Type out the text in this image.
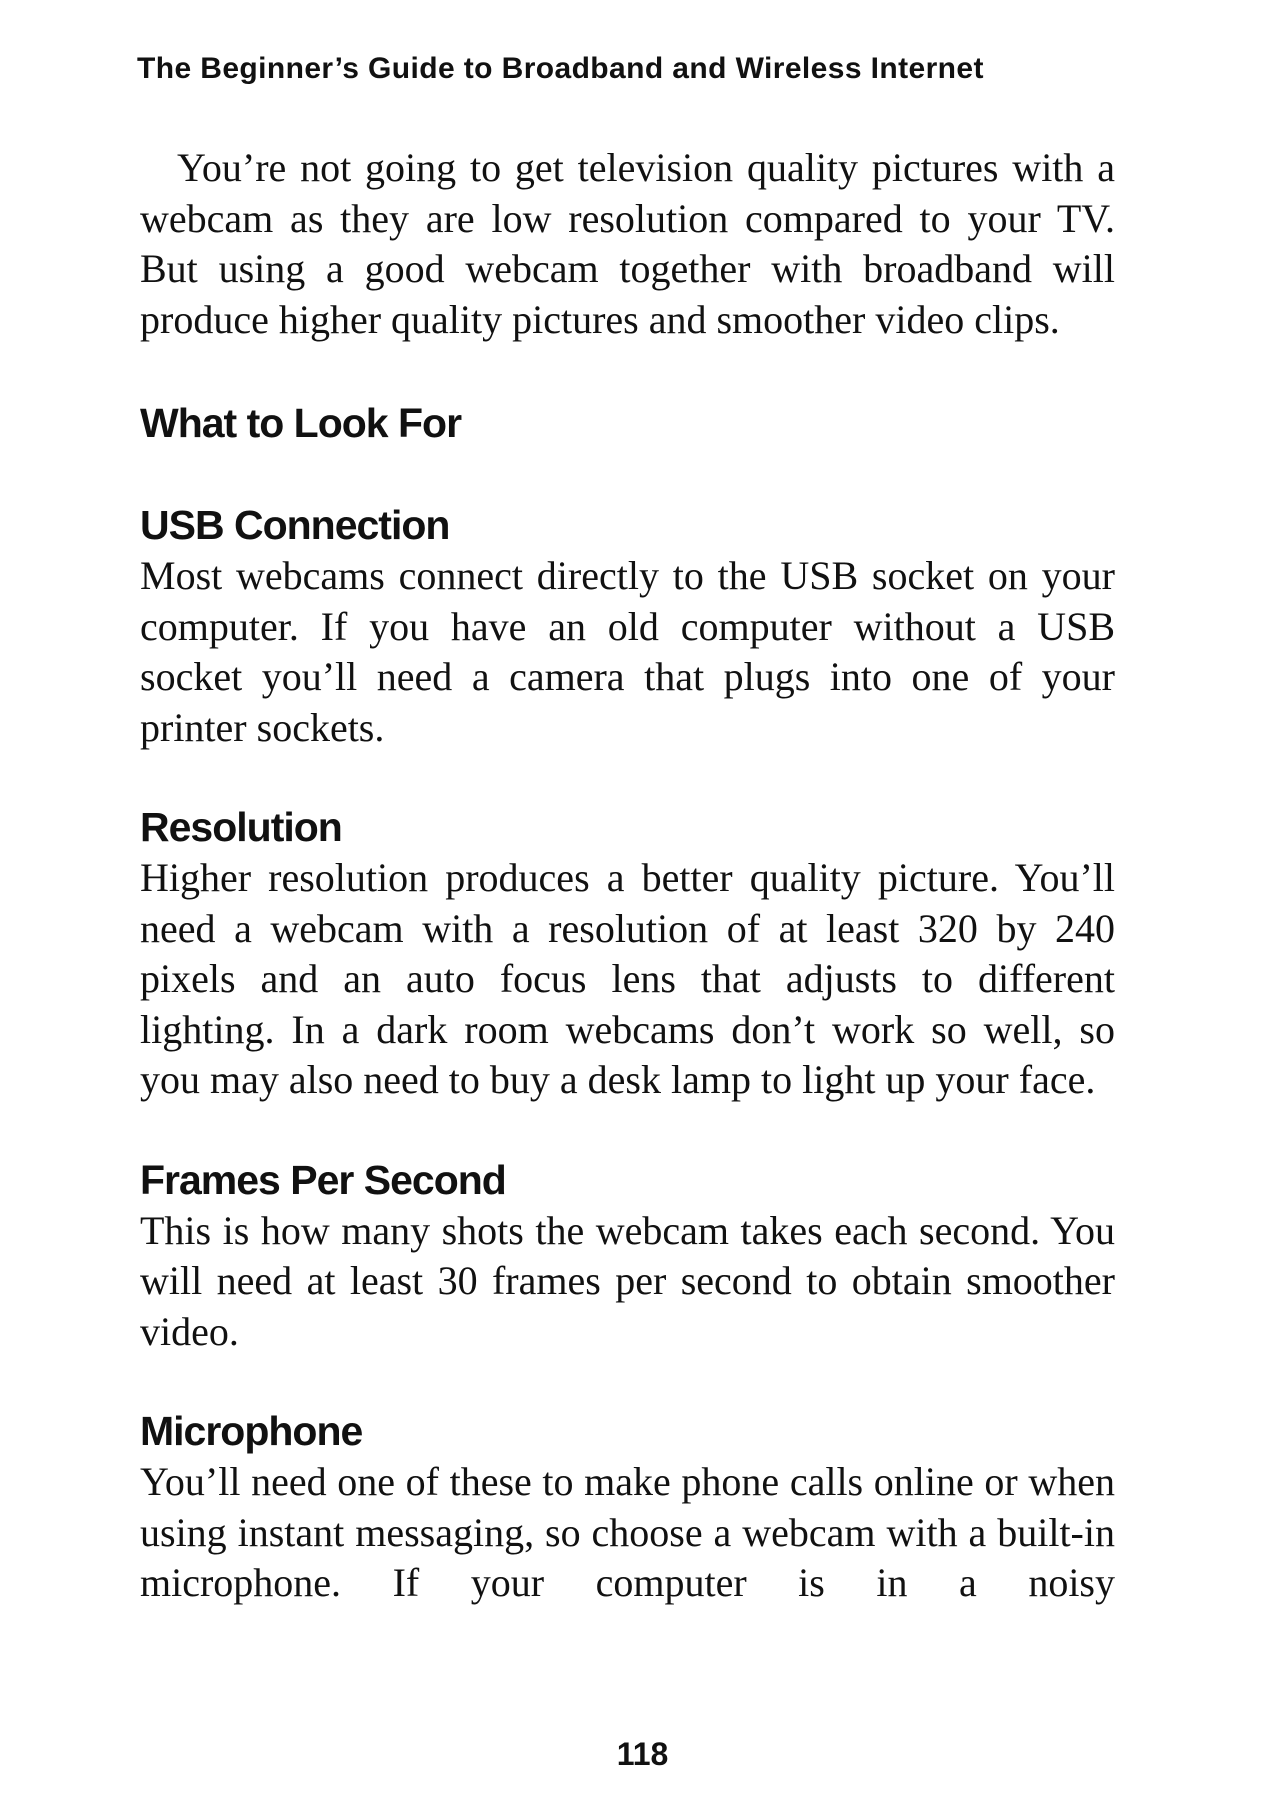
The Beginner’s Guide to Broadband and Wireless Internet

You’re not going to get television quality pictures with a webcam as they are low resolution compared to your TV. But using a good webcam together with broadband will produce higher quality pictures and smoother video clips.

What to Look For
USB Connection

Most webcams connect directly to the USB socket on your computer. If you have an old computer without a USB socket you’ll need a camera that plugs into one of your printer sockets.

Resolution

Higher resolution produces a better quality picture. You’ll need a webcam with a resolution of at least 320 by 240 pixels and an auto focus lens that adjusts to different lighting. In a dark room webcams don’t work so well, so you may also need to buy a desk lamp to light up your face.

Frames Per Second

This is how many shots the webcam takes each second. You will need at least 30 frames per second to obtain smoother video.

Microphone

You’ll need one of these to make phone calls online or when using instant messaging, so choose a webcam with a built-in microphone. If your computer is in a noisy

118
